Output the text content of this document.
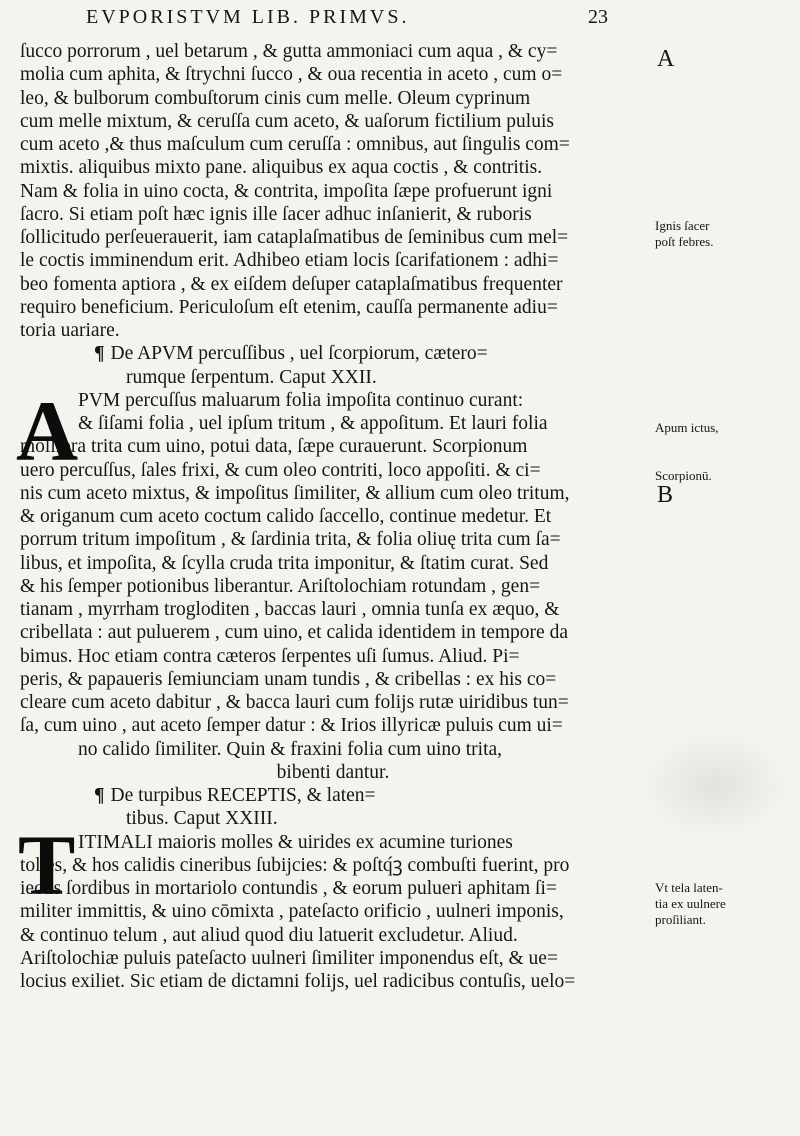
EVPORISTVM LIB. PRIMVS.	23
ſucco porrorum , uel betarum , & gutta ammoniaci cum aqua , & cy=
molia cum aphita, & ſtrychni ſucco , & oua recentia in aceto , cum o=
leo, & bulborum combuſtorum cinis cum melle. Oleum cyprinum
cum melle mixtum, & ceruſſa cum aceto, & uaſorum fictilium puluis
cum aceto ,& thus maſculum cum ceruſſa : omnibus, aut ſingulis com=
mixtis. aliquibus mixto pane. aliquibus ex aqua coctis , & contritis.
Nam & folia in uino cocta, & contrita, impoſita ſæpe profuerunt igni
ſacro. Si etiam poſt hæc ignis ille ſacer adhuc inſanierit, & ruboris
ſollicitudo perſeuerauerit, iam cataplaſmatibus de ſeminibus cum mel=
le coctis imminendum erit. Adhibeo etiam locis ſcarifationem : adhi=
beo fomenta aptiora , & ex eiſdem deſuper cataplaſmatibus frequenter
requiro beneficium. Periculoſum eſt etenim, cauſſa permanente adiu=
toria uariare.
¶ De APVM percuſſibus , uel ſcorpiorum, cætero=
rumque ſerpentum. Caput XXII.
PVM percuſſus maluarum folia impoſita continuo curant:
& ſiſami folia , uel ipſum tritum , & appoſitum. Et lauri folia
molliora trita cum uino, potui data, ſæpe curauerunt. Scorpionum
uero percuſſus, ſales frixi, & cum oleo contriti, loco appoſiti. & ci=
nis cum aceto mixtus, & impoſitus ſimiliter, & allium cum oleo tritum,
& origanum cum aceto coctum calido ſaccello, continue medetur. Et
porrum tritum impoſitum , & ſardinia trita, & folia oliuę trita cum ſa=
libus, et impoſita, & ſcylla cruda trita imponitur, & ſtatim curat. Sed
& his ſemper potionibus liberantur. Ariſtolochiam rotundam , gen=
tianam , myrrham trogloditen , baccas lauri , omnia tunſa ex æquo, &
cribellata : aut puluerem , cum uino, et calida identidem in tempore da
bimus. Hoc etiam contra cæteros ſerpentes uſi ſumus. Aliud. Pi=
peris, & papaueris ſemiunciam unam tundis , & cribellas : ex his co=
cleare cum aceto dabitur , & bacca lauri cum folijs rutæ uiridibus tun=
ſa, cum uino , aut aceto ſemper datur : & Irios illyricæ puluis cum ui=
no calido ſimiliter. Quin & fraxini folia cum uino trita,
bibenti dantur.
¶ De turpibus RECEPTIS, & laten=
tibus. Caput XXIII.
ITIMALI maioris molles & uirides ex acumine turiones
tolles, & hos calidis cineribus ſubijcies: & poſtq́ꝫ combuſti fuerint, pro
iectis ſordibus in mortariolo contundis , & eorum pulueri aphitam ſi=
militer immittis, & uino cōmixta , pateſacto orificio , uulneri imponis,
& continuo telum , aut aliud quod diu latuerit excludetur. Aliud.
Ariſtolochiæ puluis pateſacto uulneri ſimiliter imponendus eſt, & ue=
locius exiliet. Sic etiam de dictamni folijs, uel radicibus contuſis, uelo=
A
T
A
Ignis ſacer
poſt febres.
Apum ictus,
Scorpionū.
B
Vt tela laten-
tia ex uulnere
proſiliant.
